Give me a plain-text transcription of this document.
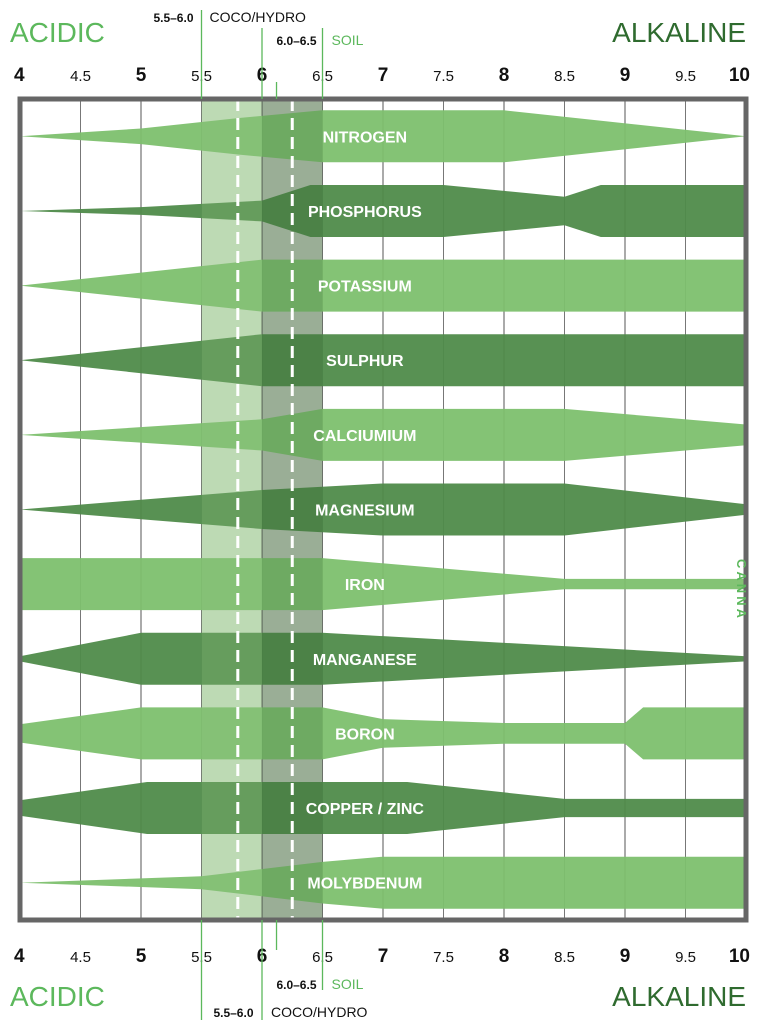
NITROGEN
PHOSPHORUS
POTASSIUM
SULPHUR
CALCIUMIUM
MAGNESIUM
IRON
MANGANESE
BORON
COPPER / ZINC
MOLYBDENUM
4
4
4.5
4.5
5
5
5.5
5.5
6
6
6.5
6.5
7
7
7.5
7.5
8
8
8.5
8.5
9
9
9.5
9.5
10
10
5.5–6.0 COCO/HYDRO
6.0–6.5 SOIL
6.0–6.5 SOIL
5.5–6.0 COCO/HYDRO
ACIDIC	ALKALINE
ACIDIC	ALKALINE
CANNA
